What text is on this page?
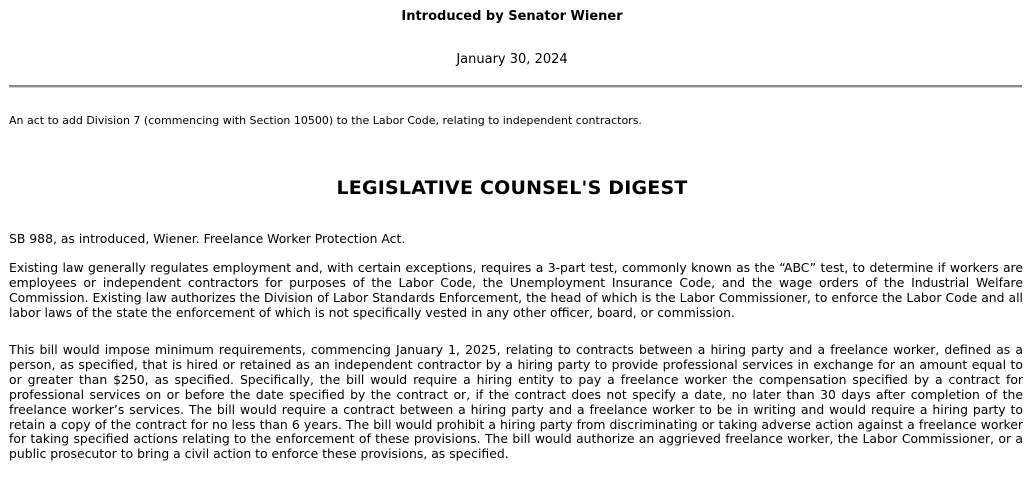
Introduced by Senator Wiener
January 30, 2024
An act to add Division 7 (commencing with Section 10500) to the Labor Code, relating to independent contractors.
LEGISLATIVE COUNSEL'S DIGEST
SB 988, as introduced, Wiener. Freelance Worker Protection Act.
Existing law generally regulates employment and, with certain exceptions, requires a 3-part test, commonly known as the “ABC” test, to determine if workers are employees or independent contractors for purposes of the Labor Code, the Unemployment Insurance Code, and the wage orders of the Industrial Welfare Commission. Existing law authorizes the Division of Labor Standards Enforcement, the head of which is the Labor Commissioner, to enforce the Labor Code and all labor laws of the state the enforcement of which is not specifically vested in any other officer, board, or commission.
This bill would impose minimum requirements, commencing January 1, 2025, relating to contracts between a hiring party and a freelance worker, defined as a person, as specified, that is hired or retained as an independent contractor by a hiring party to provide professional services in exchange for an amount equal to or greater than $250, as specified. Specifically, the bill would require a hiring entity to pay a freelance worker the compensation specified by a contract for professional services on or before the date specified by the contract or, if the contract does not specify a date, no later than 30 days after completion of the freelance worker’s services. The bill would require a contract between a hiring party and a freelance worker to be in writing and would require a hiring party to retain a copy of the contract for no less than 6 years. The bill would prohibit a hiring party from discriminating or taking adverse action against a freelance worker for taking specified actions relating to the enforcement of these provisions. The bill would authorize an aggrieved freelance worker, the Labor Commissioner, or a public prosecutor to bring a civil action to enforce these provisions, as specified.
